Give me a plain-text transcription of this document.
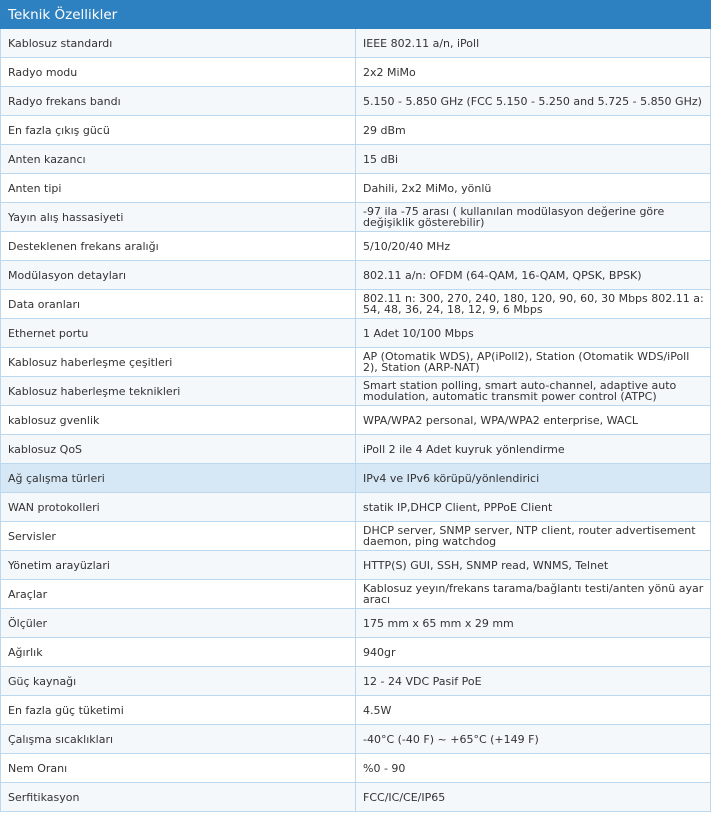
Teknik Özellikler	
Kablosuz standardı	IEEE 802.11 a/n, iPoll
Radyo modu	2x2 MiMo
Radyo frekans bandı	5.150 - 5.850 GHz (FCC 5.150 - 5.250 and 5.725 - 5.850 GHz)
En fazla çıkış gücü	29 dBm
Anten kazancı	15 dBi
Anten tipi	Dahili, 2x2 MiMo, yönlü
Yayın alış hassasiyeti	-97 ila -75 arası ( kullanılan modülasyon değerine göre değişiklik gösterebilir)
Desteklenen frekans aralığı	5/10/20/40 MHz
Modülasyon detayları	802.11 a/n: OFDM (64-QAM, 16-QAM, QPSK, BPSK)
Data oranları	802.11 n: 300, 270, 240, 180, 120, 90, 60, 30 Mbps 802.11 a: 54, 48, 36, 24, 18, 12, 9, 6 Mbps
Ethernet portu	1 Adet 10/100 Mbps
Kablosuz haberleşme çeşitleri	AP (Otomatik WDS), AP(iPoll2), Station (Otomatik WDS/iPoll 2), Station (ARP-NAT)
Kablosuz haberleşme teknikleri	Smart station polling, smart auto-channel, adaptive auto modulation, automatic transmit power control (ATPC)
kablosuz gvenlik	WPA/WPA2 personal, WPA/WPA2 enterprise, WACL
kablosuz QoS	iPoll 2 ile 4 Adet kuyruk yönlendirme
Ağ çalışma türleri	IPv4 ve IPv6 körüpü/yönlendirici
WAN protokolleri	statik IP,DHCP Client, PPPoE Client
Servisler	DHCP server, SNMP server, NTP client, router advertisement daemon, ping watchdog
Yönetim arayüzlari	HTTP(S) GUI, SSH, SNMP read, WNMS, Telnet
Araçlar	Kablosuz yeyın/frekans tarama/bağlantı testi/anten yönü ayar aracı
Ölçüler	175 mm x 65 mm x 29 mm
Ağırlık	940gr
Güç kaynağı	12 - 24 VDC Pasif PoE
En fazla güç tüketimi	4.5W
Çalışma sıcaklıkları	-40°C (-40 F) ~ +65°C (+149 F)
Nem Oranı	%0 - 90
Serfitikasyon	FCC/IC/CE/IP65
